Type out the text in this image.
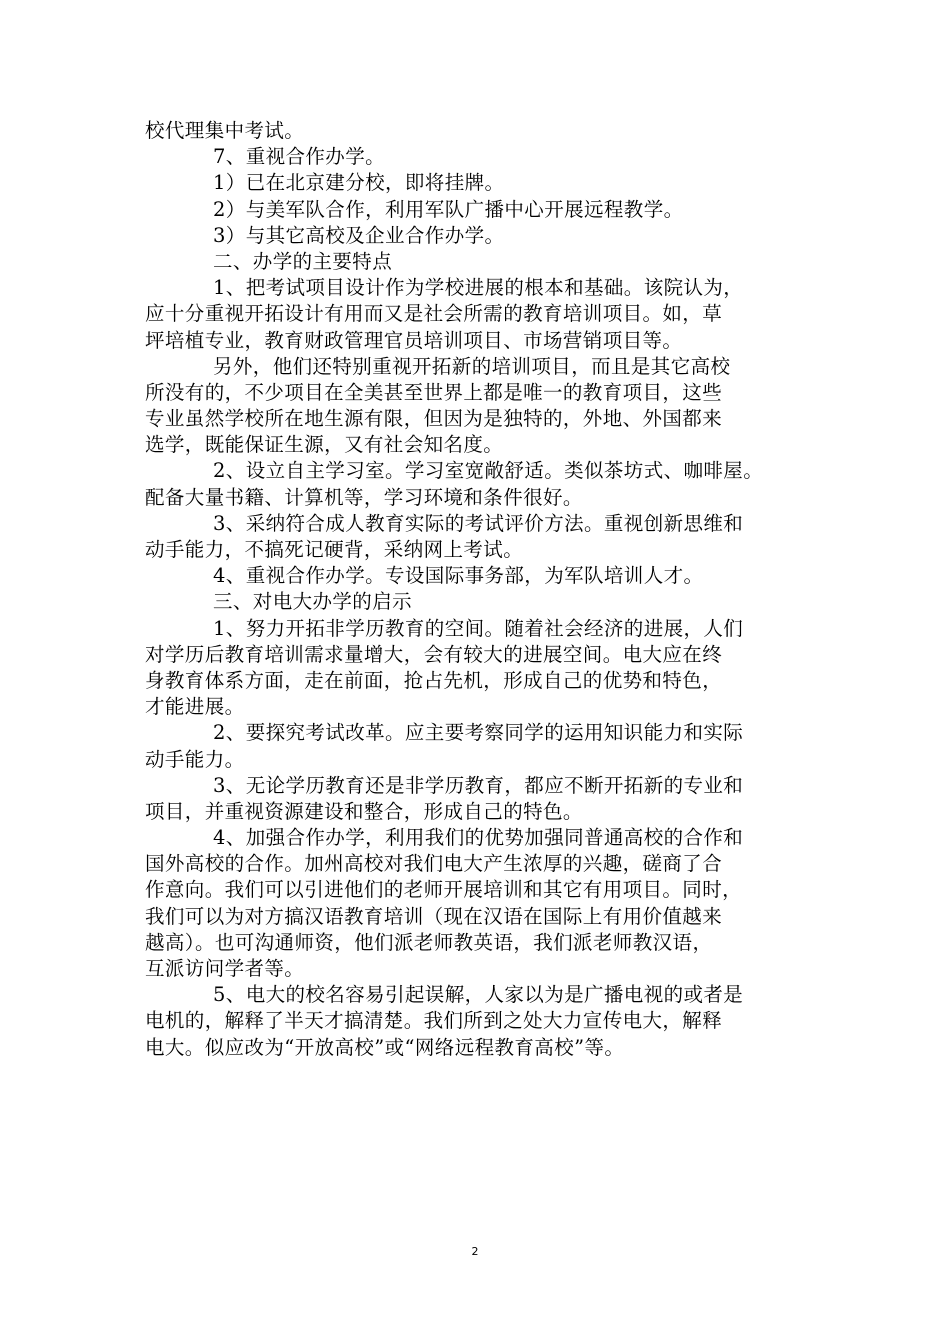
校代理集中考试。
7、重视合作办学。
1）已在北京建分校，即将挂牌。
2）与美军队合作，利用军队广播中心开展远程教学。
3）与其它高校及企业合作办学。
二、办学的主要特点
1、把考试项目设计作为学校进展的根本和基础。该院认为，
应十分重视开拓设计有用而又是社会所需的教育培训项目。如，草
坪培植专业，教育财政管理官员培训项目、市场营销项目等。
另外，他们还特别重视开拓新的培训项目，而且是其它高校
所没有的，不少项目在全美甚至世界上都是唯一的教育项目，这些
专业虽然学校所在地生源有限，但因为是独特的，外地、外国都来
选学，既能保证生源，又有社会知名度。
2、设立自主学习室。学习室宽敞舒适。类似茶坊式、咖啡屋。
配备大量书籍、计算机等，学习环境和条件很好。
3、采纳符合成人教育实际的考试评价方法。重视创新思维和
动手能力，不搞死记硬背，采纳网上考试。
4、重视合作办学。专设国际事务部，为军队培训人才。
三、对电大办学的启示
1、努力开拓非学历教育的空间。随着社会经济的进展，人们
对学历后教育培训需求量增大，会有较大的进展空间。电大应在终
身教育体系方面，走在前面，抢占先机，形成自己的优势和特色，
才能进展。
2、要探究考试改革。应主要考察同学的运用知识能力和实际
动手能力。
3、无论学历教育还是非学历教育，都应不断开拓新的专业和
项目，并重视资源建设和整合，形成自己的特色。
4、加强合作办学，利用我们的优势加强同普通高校的合作和
国外高校的合作。加州高校对我们电大产生浓厚的兴趣，磋商了合
作意向。我们可以引进他们的老师开展培训和其它有用项目。同时，
我们可以为对方搞汉语教育培训（现在汉语在国际上有用价值越来
越高）。也可沟通师资，他们派老师教英语，我们派老师教汉语，
互派访问学者等。
5、电大的校名容易引起误解，人家以为是广播电视的或者是
电机的，解释了半天才搞清楚。我们所到之处大力宣传电大，解释
电大。似应改为“开放高校”或“网络远程教育高校”等。
2
